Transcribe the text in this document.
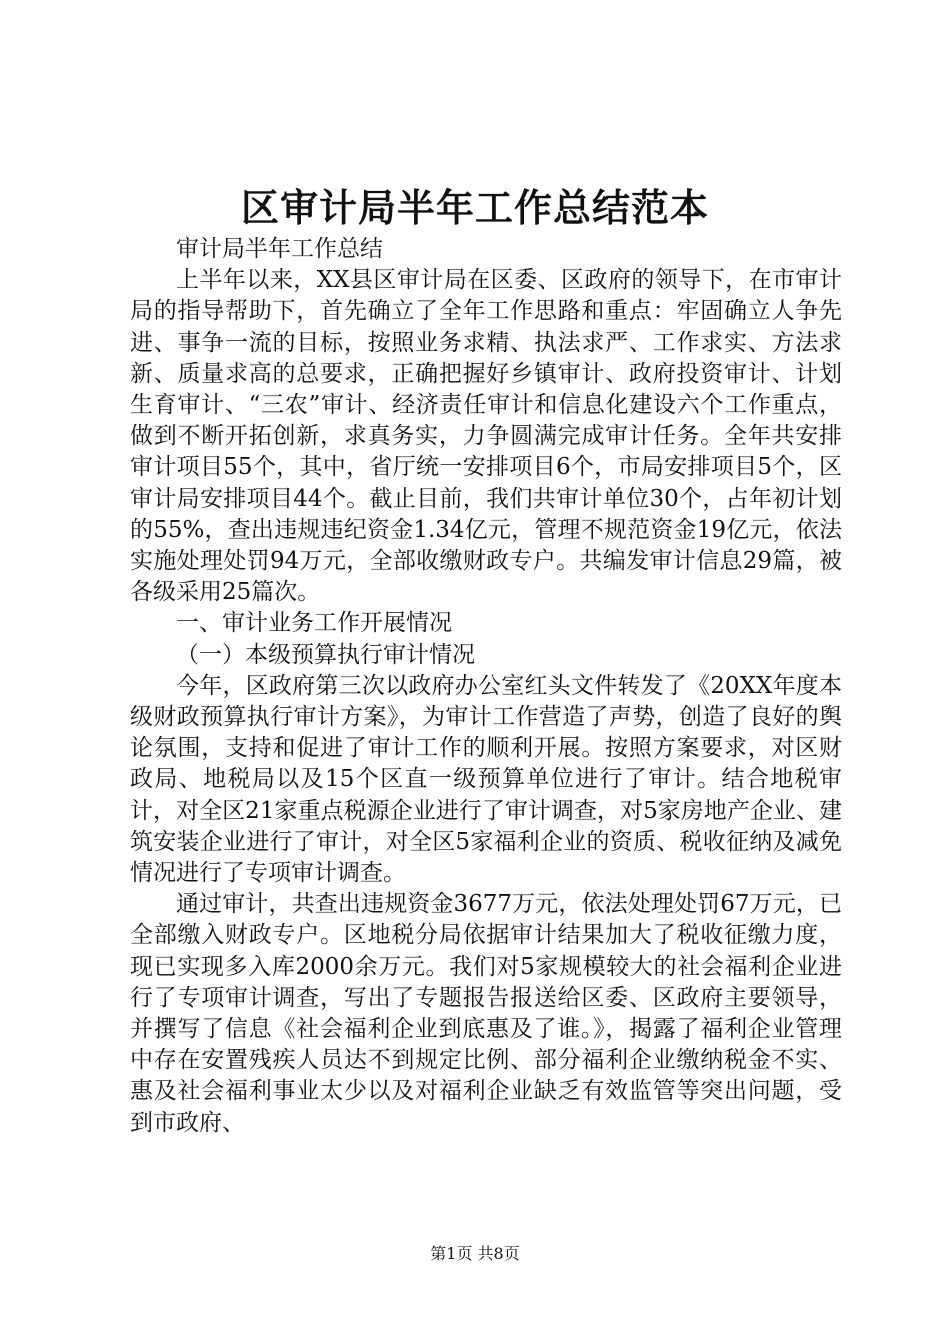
区审计局半年工作总结范本

审计局半年工作总结

上半年以来，XX县区审计局在区委、区政府的领导下，在市审计局的指导帮助下，首先确立了全年工作思路和重点：牢固确立人争先进、事争一流的目标，按照业务求精、执法求严、工作求实、方法求新、质量求高的总要求，正确把握好乡镇审计、政府投资审计、计划生育审计、“三农”审计、经济责任审计和信息化建设六个工作重点，做到不断开拓创新，求真务实，力争圆满完成审计任务。全年共安排审计项目55个，其中，省厅统一安排项目6个，市局安排项目5个，区审计局安排项目44个。截止目前，我们共审计单位30个，占年初计划的55%，查出违规违纪资金1.34亿元，管理不规范资金19亿元，依法实施处理处罚94万元，全部收缴财政专户。共编发审计信息29篇，被各级采用25篇次。

一、审计业务工作开展情况

（一）本级预算执行审计情况

今年，区政府第三次以政府办公室红头文件转发了《20XX年度本级财政预算执行审计方案》，为审计工作营造了声势，创造了良好的舆论氛围，支持和促进了审计工作的顺利开展。按照方案要求，对区财政局、地税局以及15个区直一级预算单位进行了审计。结合地税审计，对全区21家重点税源企业进行了审计调查，对5家房地产企业、建筑安装企业进行了审计，对全区5家福利企业的资质、税收征纳及减免情况进行了专项审计调查。

通过审计，共查出违规资金3677万元，依法处理处罚67万元，已全部缴入财政专户。区地税分局依据审计结果加大了税收征缴力度，现已实现多入库2000余万元。我们对5家规模较大的社会福利企业进行了专项审计调查，写出了专题报告报送给区委、区政府主要领导，并撰写了信息《社会福利企业到底惠及了谁。》，揭露了福利企业管理中存在安置残疾人员达不到规定比例、部分福利企业缴纳税金不实、惠及社会福利事业太少以及对福利企业缺乏有效监管等突出问题，受到市政府、

第1页 共8页
